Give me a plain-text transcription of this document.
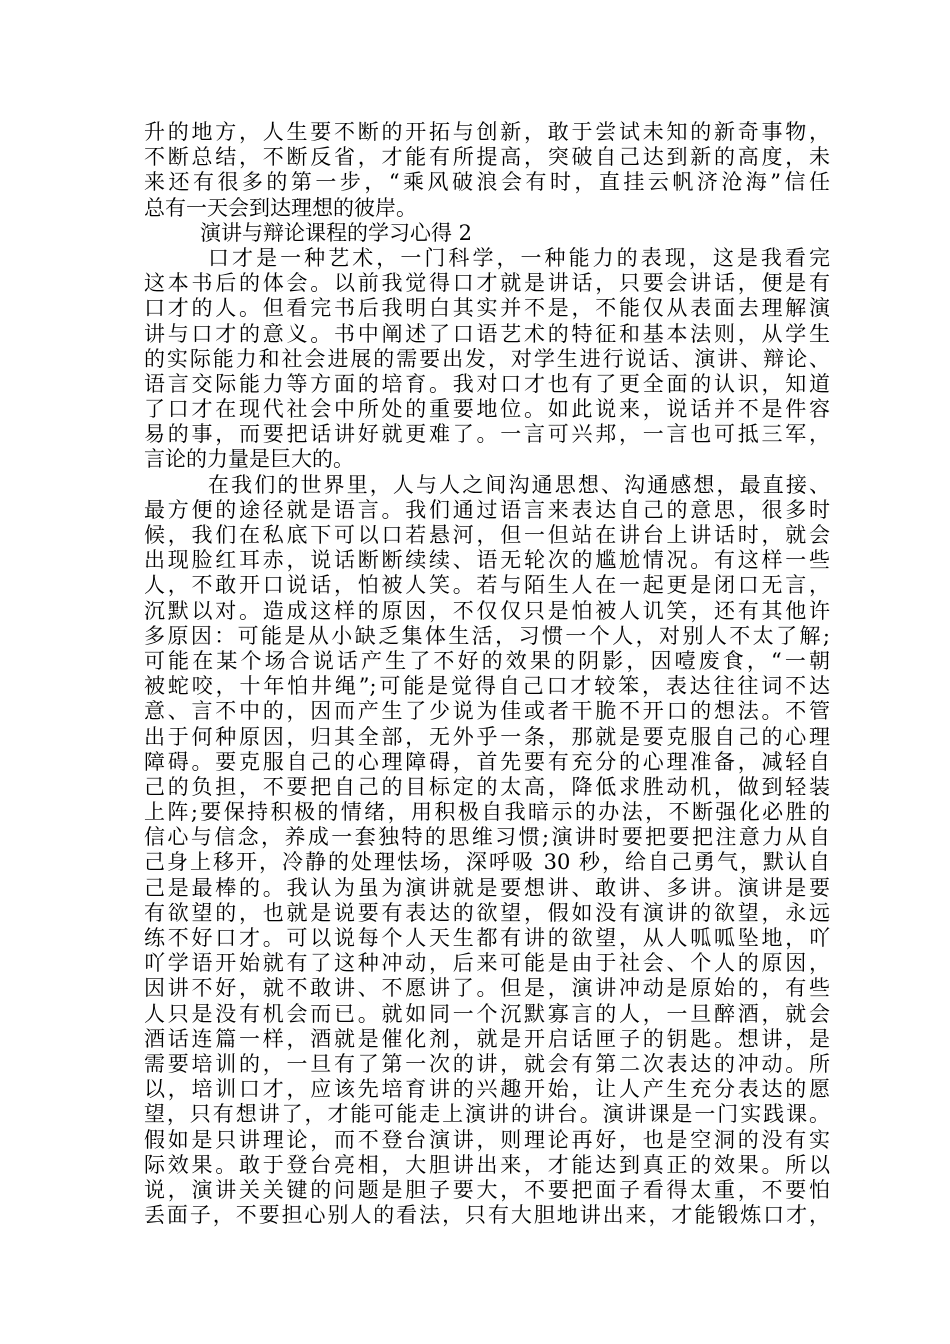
升的地方，人生要不断的开拓与创新，敢于尝试未知的新奇事物，
不断总结，不断反省，才能有所提高，突破自己达到新的高度，未
来还有很多的第一步，“乘风破浪会有时，直挂云帆济沧海”信任
总有一天会到达理想的彼岸。
演讲与辩论课程的学习心得 2
口才是一种艺术，一门科学，一种能力的表现，这是我看完
这本书后的体会。以前我觉得口才就是讲话，只要会讲话，便是有
口才的人。但看完书后我明白其实并不是，不能仅从表面去理解演
讲与口才的意义。书中阐述了口语艺术的特征和基本法则，从学生
的实际能力和社会进展的需要出发，对学生进行说话、演讲、辩论、
语言交际能力等方面的培育。我对口才也有了更全面的认识，知道
了口才在现代社会中所处的重要地位。如此说来，说话并不是件容
易的事，而要把话讲好就更难了。一言可兴邦，一言也可抵三军，
言论的力量是巨大的。
在我们的世界里，人与人之间沟通思想、沟通感想，最直接、
最方便的途径就是语言。我们通过语言来表达自己的意思，很多时
候，我们在私底下可以口若悬河，但一但站在讲台上讲话时，就会
出现脸红耳赤，说话断断续续、语无轮次的尴尬情况。有这样一些
人，不敢开口说话，怕被人笑。若与陌生人在一起更是闭口无言，
沉默以对。造成这样的原因，不仅仅只是怕被人讥笑，还有其他许
多原因：可能是从小缺乏集体生活，习惯一个人，对别人不太了解;
可能在某个场合说话产生了不好的效果的阴影，因噎废食，“一朝
被蛇咬，十年怕井绳”;可能是觉得自己口才较笨，表达往往词不达
意、言不中的，因而产生了少说为佳或者干脆不开口的想法。不管
出于何种原因，归其全部，无外乎一条，那就是要克服自己的心理
障碍。要克服自己的心理障碍，首先要有充分的心理准备，减轻自
己的负担，不要把自己的目标定的太高，降低求胜动机，做到轻装
上阵;要保持积极的情绪，用积极自我暗示的办法，不断强化必胜的
信心与信念，养成一套独特的思维习惯;演讲时要把要把注意力从自
己身上移开，冷静的处理怯场，深呼吸 30 秒，给自己勇气，默认自
己是最棒的。我认为虽为演讲就是要想讲、敢讲、多讲。演讲是要
有欲望的，也就是说要有表达的欲望，假如没有演讲的欲望，永远
练不好口才。可以说每个人天生都有讲的欲望，从人呱呱坠地，吖
吖学语开始就有了这种冲动，后来可能是由于社会、个人的原因，
因讲不好，就不敢讲、不愿讲了。但是，演讲冲动是原始的，有些
人只是没有机会而已。就如同一个沉默寡言的人，一旦醉酒，就会
酒话连篇一样，酒就是催化剂，就是开启话匣子的钥匙。想讲，是
需要培训的，一旦有了第一次的讲，就会有第二次表达的冲动。所
以，培训口才，应该先培育讲的兴趣开始，让人产生充分表达的愿
望，只有想讲了，才能可能走上演讲的讲台。演讲课是一门实践课。
假如是只讲理论，而不登台演讲，则理论再好，也是空洞的没有实
际效果。敢于登台亮相，大胆讲出来，才能达到真正的效果。所以
说，演讲关关键的问题是胆子要大，不要把面子看得太重，不要怕
丢面子，不要担心别人的看法，只有大胆地讲出来，才能锻炼口才，
